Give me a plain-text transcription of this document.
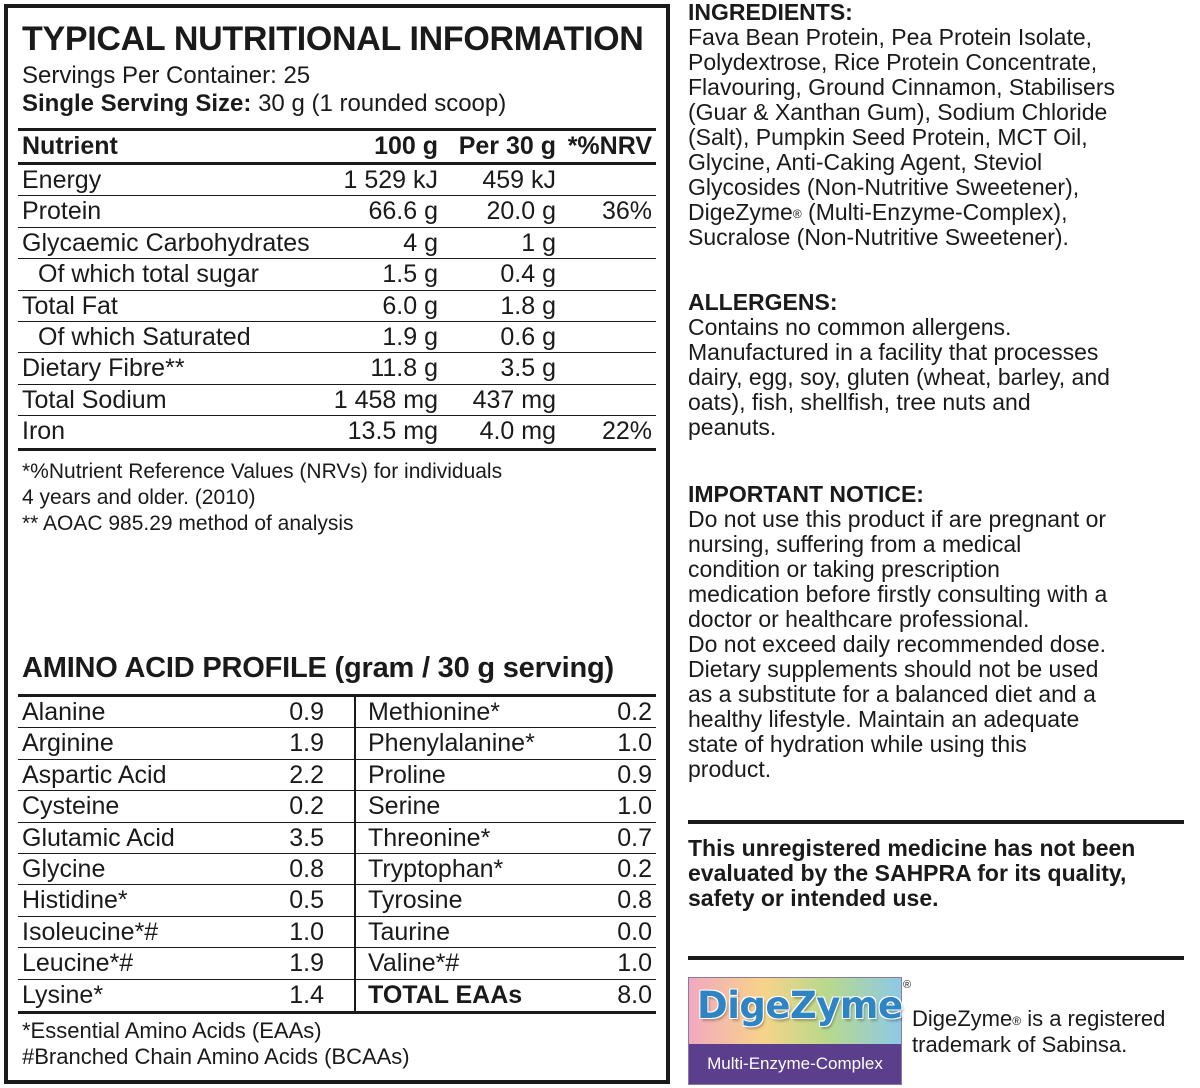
TYPICAL NUTRITIONAL INFORMATION
Servings Per Container: 25
Single Serving Size: 30 g (1 rounded scoop)
Nutrient	100 g Per 30 g *%NRV
Energy	1 529 kJ 459 kJ
Protein	66.6 g 20.0 g 36%
Glycaemic Carbohydrates	4 g	1 g
Of which total sugar	1.5 g 0.4 g
Total Fat	6.0 g 1.8 g
Of which Saturated	1.9 g 0.6 g
Dietary Fibre**	11.8 g 3.5 g
Total Sodium	1 458 mg 437 mg
Iron	13.5 mg 4.0 mg 22%
*%Nutrient Reference Values (NRVs) for individuals
4 years and older. (2010)
** AOAC 985.29 method of analysis
AMINO ACID PROFILE (gram / 30 g serving)
Alanine	0.9 Methionine*	0.2
Arginine	1.9 Phenylalanine*	1.0
Aspartic Acid	2.2 Proline	0.9
Cysteine	0.2 Serine	1.0
Glutamic Acid	3.5 Threonine*	0.7
Glycine	0.8 Tryptophan*	0.2
Histidine*	0.5 Tyrosine	0.8
Isoleucine*#	1.0 Taurine	0.0
Leucine*#	1.9 Valine*#	1.0
Lysine*	1.4 TOTAL EAAs	8.0
*Essential Amino Acids (EAAs)
#Branched Chain Amino Acids (BCAAs)
INGREDIENTS:
Fava Bean Protein, Pea Protein Isolate,
Polydextrose, Rice Protein Concentrate,
Flavouring, Ground Cinnamon, Stabilisers
(Guar & Xanthan Gum), Sodium Chloride
(Salt), Pumpkin Seed Protein, MCT Oil,
Glycine, Anti-Caking Agent, Steviol
Glycosides (Non-Nutritive Sweetener),
DigeZyme® (Multi-Enzyme-Complex),
Sucralose (Non-Nutritive Sweetener).
ALLERGENS:
Contains no common allergens.
Manufactured in a facility that processes
dairy, egg, soy, gluten (wheat, barley, and
oats), fish, shellfish, tree nuts and
peanuts.
IMPORTANT NOTICE:
Do not use this product if are pregnant or
nursing, suffering from a medical
condition or taking prescription
medication before firstly consulting with a
doctor or healthcare professional.
Do not exceed daily recommended dose.
Dietary supplements should not be used
as a substitute for a balanced diet and a
healthy lifestyle. Maintain an adequate
state of hydration while using this
product.
This unregistered medicine has not been
evaluated by the SAHPRA for its quality,
safety or intended use.
DigeZyme
Multi-Enzyme-Complex
®
DigeZyme® is a registered
trademark of Sabinsa.
